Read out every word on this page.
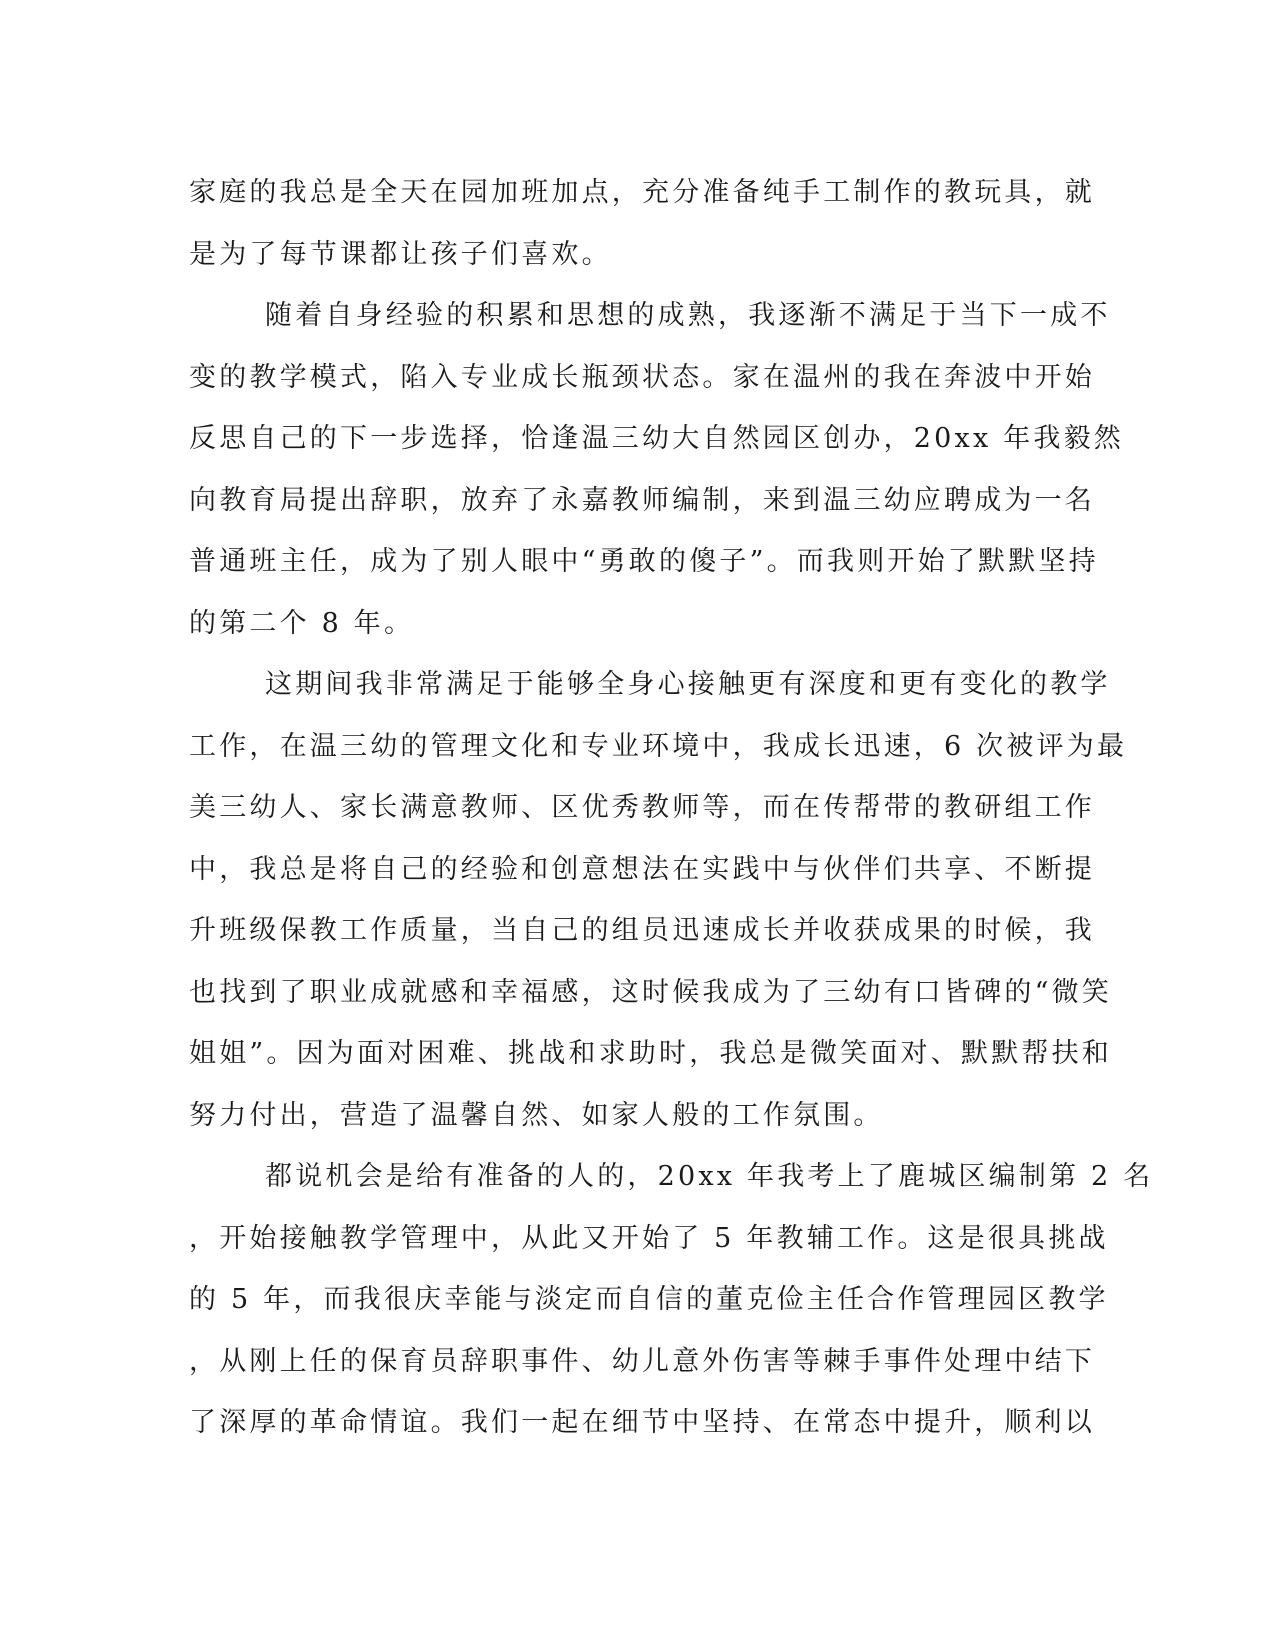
家庭的我总是全天在园加班加点，充分准备纯手工制作的教玩具，就
是为了每节课都让孩子们喜欢。
随着自身经验的积累和思想的成熟，我逐渐不满足于当下一成不
变的教学模式，陷入专业成长瓶颈状态。家在温州的我在奔波中开始
反思自己的下一步选择，恰逢温三幼大自然园区创办，20xx 年我毅然
向教育局提出辞职，放弃了永嘉教师编制，来到温三幼应聘成为一名
普通班主任，成为了别人眼中“勇敢的傻子”。而我则开始了默默坚持
的第二个 8 年。
这期间我非常满足于能够全身心接触更有深度和更有变化的教学
工作，在温三幼的管理文化和专业环境中，我成长迅速，6 次被评为最
美三幼人、家长满意教师、区优秀教师等，而在传帮带的教研组工作
中，我总是将自己的经验和创意想法在实践中与伙伴们共享、不断提
升班级保教工作质量，当自己的组员迅速成长并收获成果的时候，我
也找到了职业成就感和幸福感，这时候我成为了三幼有口皆碑的“微笑
姐姐”。因为面对困难、挑战和求助时，我总是微笑面对、默默帮扶和
努力付出，营造了温馨自然、如家人般的工作氛围。
都说机会是给有准备的人的，20xx 年我考上了鹿城区编制第 2 名
，开始接触教学管理中，从此又开始了 5 年教辅工作。这是很具挑战
的 5 年，而我很庆幸能与淡定而自信的董克俭主任合作管理园区教学
，从刚上任的保育员辞职事件、幼儿意外伤害等棘手事件处理中结下
了深厚的革命情谊。我们一起在细节中坚持、在常态中提升，顺利以
